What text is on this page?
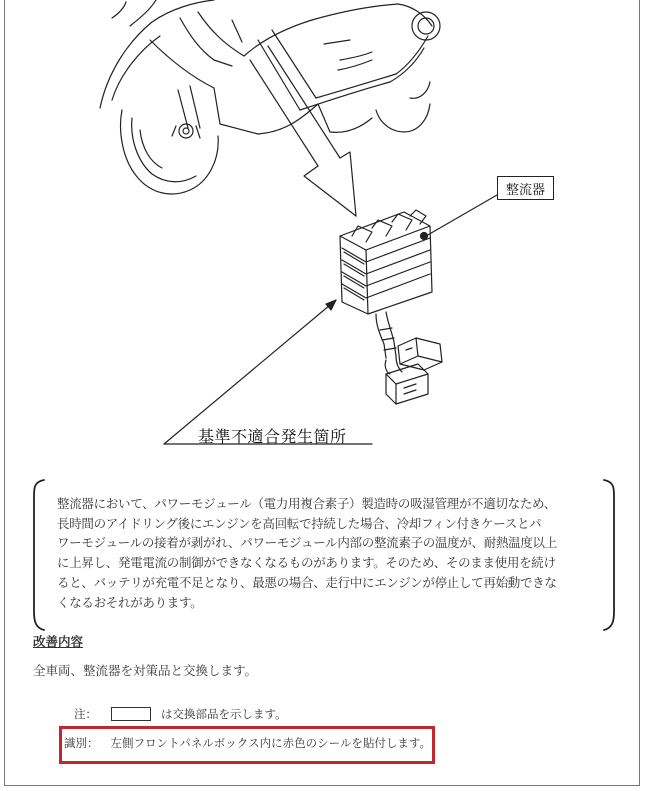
整流器
基準不適合発生箇所
整流器において、パワーモジュール（電力用複合素子）製造時の吸湿管理が不適切なため、
長時間のアイドリング後にエンジンを高回転で持続した場合、冷却フィン付きケースとパ
ワーモジュールの接着が剥がれ、パワーモジュール内部の整流素子の温度が、耐熱温度以上
に上昇し、発電電流の制御ができなくなるものがあります。そのため、そのまま使用を続け
ると、バッテリが充電不足となり、最悪の場合、走行中にエンジンが停止して再始動できな
くなるおそれがあります。
改善内容
全車両、整流器を対策品と交換します。
注：	は交換部品を示します。
識別： 左側フロントパネルボックス内に赤色のシールを貼付します。
